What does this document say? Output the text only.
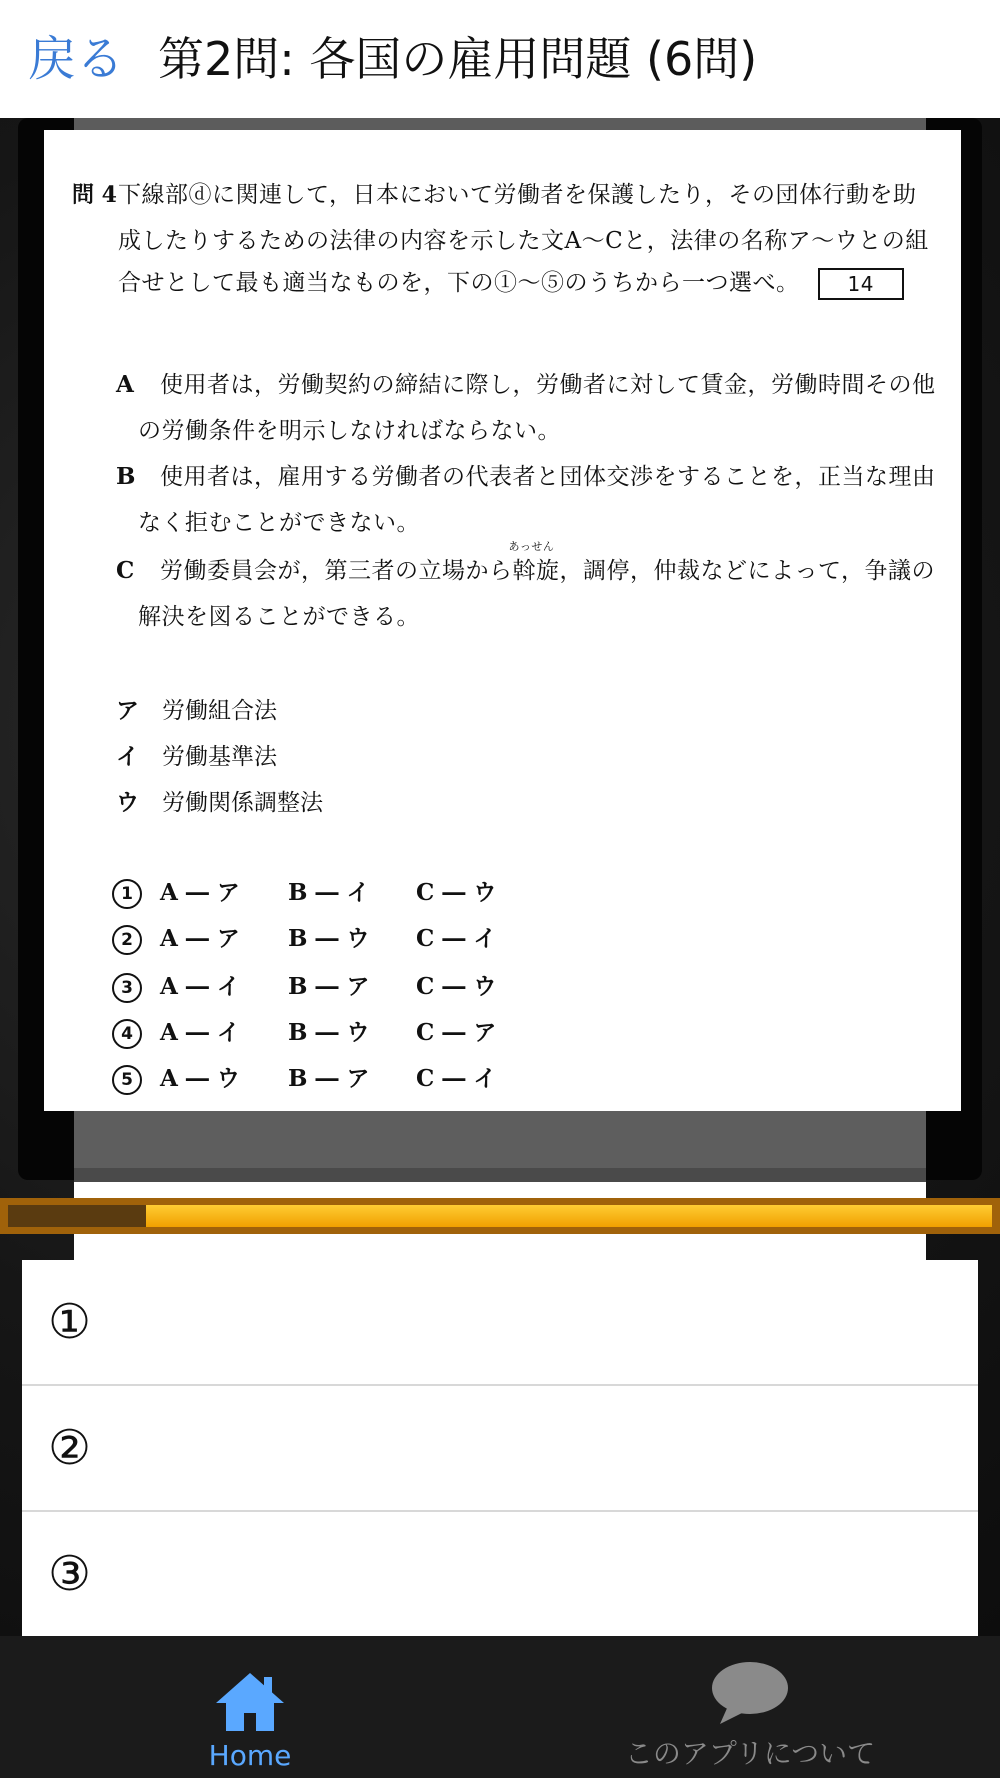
戻る 第2問: 各国の雇用問題 (6問)
問 4 下線部ⓓに関連して，日本において労働者を保護したり，その団体行動を助
成したりするための法律の内容を示した文A～Cと，法律の名称ア～ウとの組
合せとして最も適当なものを，下の①～⑤のうちから一つ選べ。 14
A 使用者は，労働契約の締結に際し，労働者に対して賃金，労働時間その他
の労働条件を明示しなければならない。
B 使用者は，雇用する労働者の代表者と団体交渉をすることを，正当な理由
なく拒むことができない。
C 労働委員会が，第三者の立場から
あっせん
斡旋，調停，仲裁などによって，争議の
解決を図ることができる。
ア 労働組合法
イ 労働基準法
ウ 労働関係調整法
1 A ― ア B ― イ C ― ウ
2 A ― ア B ― ウ C ― イ
3 A ― イ B ― ア C ― ウ
4 A ― イ B ― ウ C ― ア
5 A ― ウ B ― ア C ― イ
①
②
③
Home	このアプリについて
